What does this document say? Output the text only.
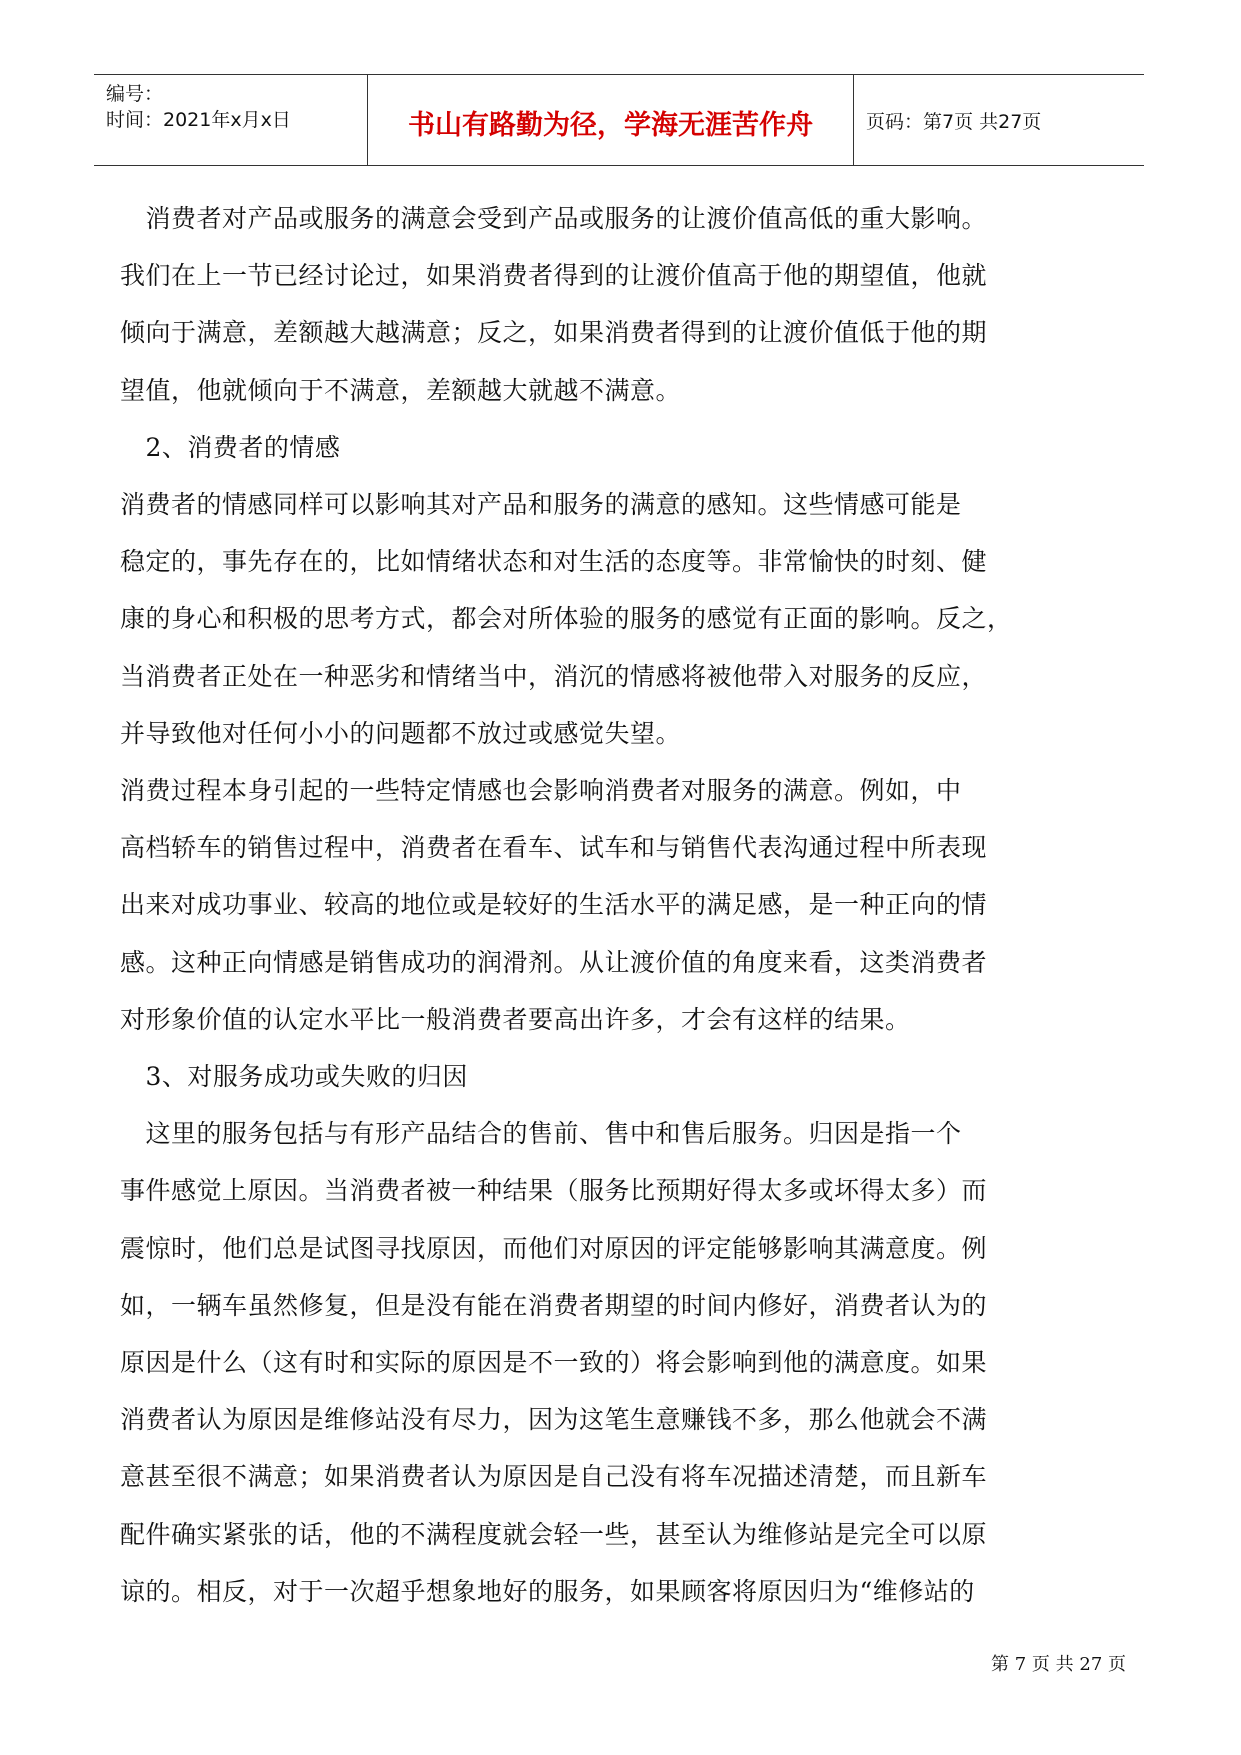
编号：
时间：2021年x月x日	书山有路勤为径，学海无涯苦作舟	页码：第7页 共27页

　消费者对产品或服务的满意会受到产品或服务的让渡价值高低的重大影响。
我们在上一节已经讨论过，如果消费者得到的让渡价值高于他的期望值，他就
倾向于满意，差额越大越满意；反之，如果消费者得到的让渡价值低于他的期
望值，他就倾向于不满意，差额越大就越不满意。

　2、消费者的情感

消费者的情感同样可以影响其对产品和服务的满意的感知。这些情感可能是
稳定的，事先存在的，比如情绪状态和对生活的态度等。非常愉快的时刻、健
康的身心和积极的思考方式，都会对所体验的服务的感觉有正面的影响。反之，
当消费者正处在一种恶劣和情绪当中，消沉的情感将被他带入对服务的反应，
并导致他对任何小小的问题都不放过或感觉失望。

消费过程本身引起的一些特定情感也会影响消费者对服务的满意。例如，中
高档轿车的销售过程中，消费者在看车、试车和与销售代表沟通过程中所表现
出来对成功事业、较高的地位或是较好的生活水平的满足感，是一种正向的情
感。这种正向情感是销售成功的润滑剂。从让渡价值的角度来看，这类消费者
对形象价值的认定水平比一般消费者要高出许多，才会有这样的结果。

　3、对服务成功或失败的归因

　这里的服务包括与有形产品结合的售前、售中和售后服务。归因是指一个
事件感觉上原因。当消费者被一种结果（服务比预期好得太多或坏得太多）而
震惊时，他们总是试图寻找原因，而他们对原因的评定能够影响其满意度。例
如，一辆车虽然修复，但是没有能在消费者期望的时间内修好，消费者认为的
原因是什么（这有时和实际的原因是不一致的）将会影响到他的满意度。如果
消费者认为原因是维修站没有尽力，因为这笔生意赚钱不多，那么他就会不满
意甚至很不满意；如果消费者认为原因是自己没有将车况描述清楚，而且新车
配件确实紧张的话，他的不满程度就会轻一些，甚至认为维修站是完全可以原
谅的。相反，对于一次超乎想象地好的服务，如果顾客将原因归为“维修站的

第 7 页 共 27 页
